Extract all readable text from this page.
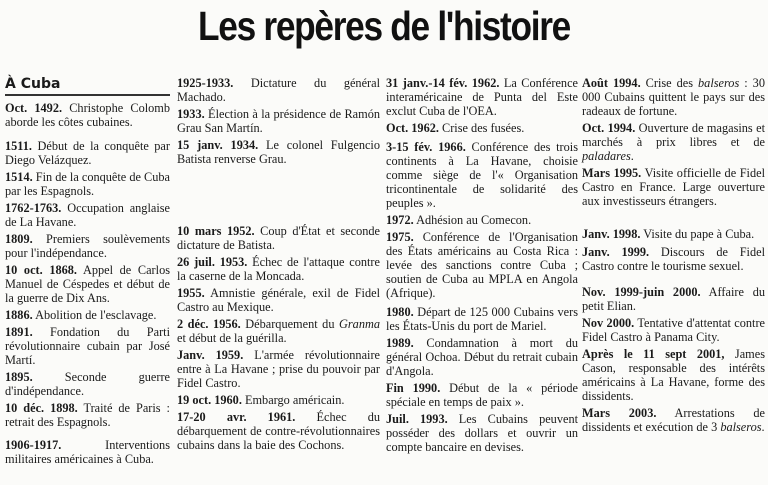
Les repères de l'histoire
À Cuba
Oct. 1492. Christophe Colomb aborde les côtes cubaines.
1511. Début de la conquête par Diego Velázquez.
1514. Fin de la conquête de Cuba par les Espagnols.
1762-1763. Occupation anglaise de La Havane.
1809. Premiers soulèvements pour l'indépendance.
10 oct. 1868. Appel de Carlos Manuel de Céspedes et début de la guerre de Dix Ans.
1886. Abolition de l'esclavage.
1891. Fondation du Parti révolutionnaire cubain par José Martí.
1895. Seconde guerre d'indépendance.
10 déc. 1898. Traité de Paris : retrait des Espagnols.
1906-1917. Interventions militaires américaines à Cuba.
1925-1933. Dictature du général Machado.
1933. Élection à la présidence de Ramón Grau San Martín.
15 janv. 1934. Le colonel Fulgencio Batista renverse Grau.
10 mars 1952. Coup d'État et seconde dictature de Batista.
26 juil. 1953. Échec de l'attaque contre la caserne de la Moncada.
1955. Amnistie générale, exil de Fidel Castro au Mexique.
2 déc. 1956. Débarquement du Granma et début de la guérilla.
Janv. 1959. L'armée révolutionnaire entre à La Havane ; prise du pouvoir par Fidel Castro.
19 oct. 1960. Embargo américain.
17-20 avr. 1961. Échec du débarquement de contre-révolutionnaires cubains dans la baie des Cochons.
31 janv.-14 fév. 1962. La Conférence interaméricaine de Punta del Este exclut Cuba de l'OEA.
Oct. 1962. Crise des fusées.
3-15 fév. 1966. Conférence des trois continents à La Havane, choisie comme siège de l'« Organisation tricontinentale de solidarité des peuples ».
1972. Adhésion au Comecon.
1975. Conférence de l'Organisation des États américains au Costa Rica : levée des sanctions contre Cuba ; soutien de Cuba au MPLA en Angola (Afrique).
1980. Départ de 125 000 Cubains vers les États-Unis du port de Mariel.
1989. Condamnation à mort du général Ochoa. Début du retrait cubain d'Angola.
Fin 1990. Début de la « période spéciale en temps de paix ».
Juil. 1993. Les Cubains peuvent posséder des dollars et ouvrir un compte bancaire en devises.
Août 1994. Crise des balseros : 30 000 Cubains quittent le pays sur des radeaux de fortune.
Oct. 1994. Ouverture de magasins et marchés à prix libres et de paladares.
Mars 1995. Visite officielle de Fidel Castro en France. Large ouverture aux investisseurs étrangers.
Janv. 1998. Visite du pape à Cuba.
Janv. 1999. Discours de Fidel Castro contre le tourisme sexuel.
Nov. 1999-juin 2000. Affaire du petit Elian.
Nov 2000. Tentative d'attentat contre Fidel Castro à Panama City.
Après le 11 sept 2001, James Cason, responsable des intérêts américains à La Havane, forme des dissidents.
Mars 2003. Arrestations de dissidents et exécution de 3 balseros.
